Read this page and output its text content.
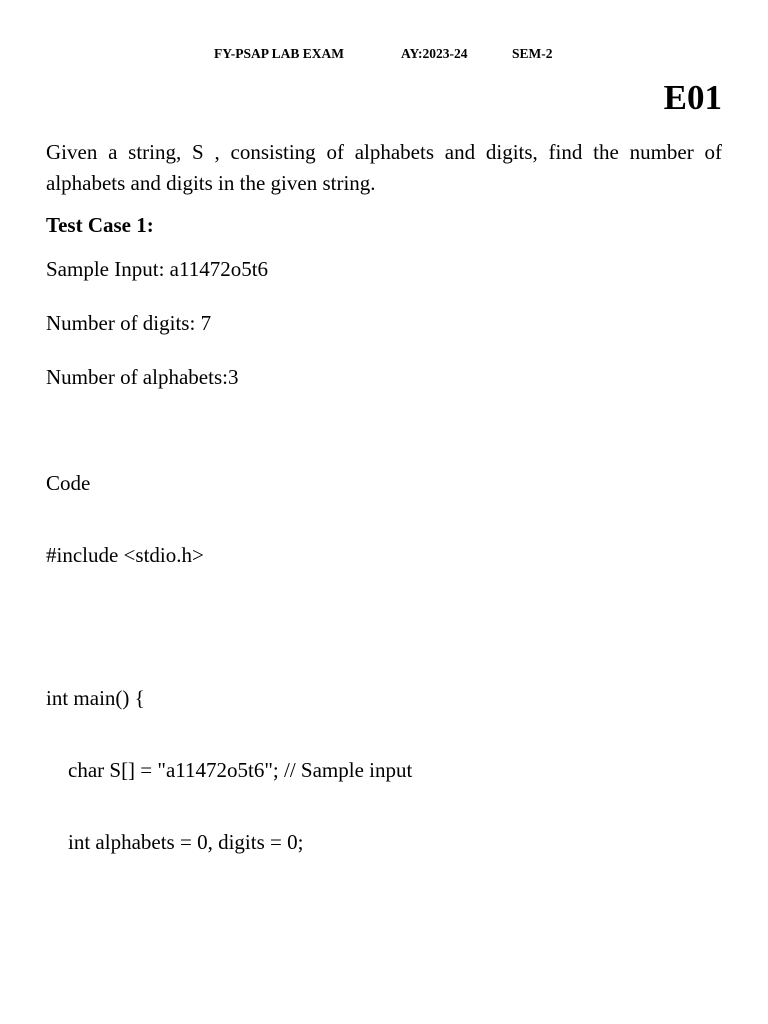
FY-PSAP LAB EXAM	AY:2023-24	SEM-2
E01

Given a string, S , consisting of alphabets and digits, find the number of alphabets and digits in the given string.

Test Case 1:

Sample Input: a11472o5t6

Number of digits: 7

Number of alphabets:3

Code

#include <stdio.h>

int main() {

char S[] = "a11472o5t6"; // Sample input

int alphabets = 0, digits = 0;
